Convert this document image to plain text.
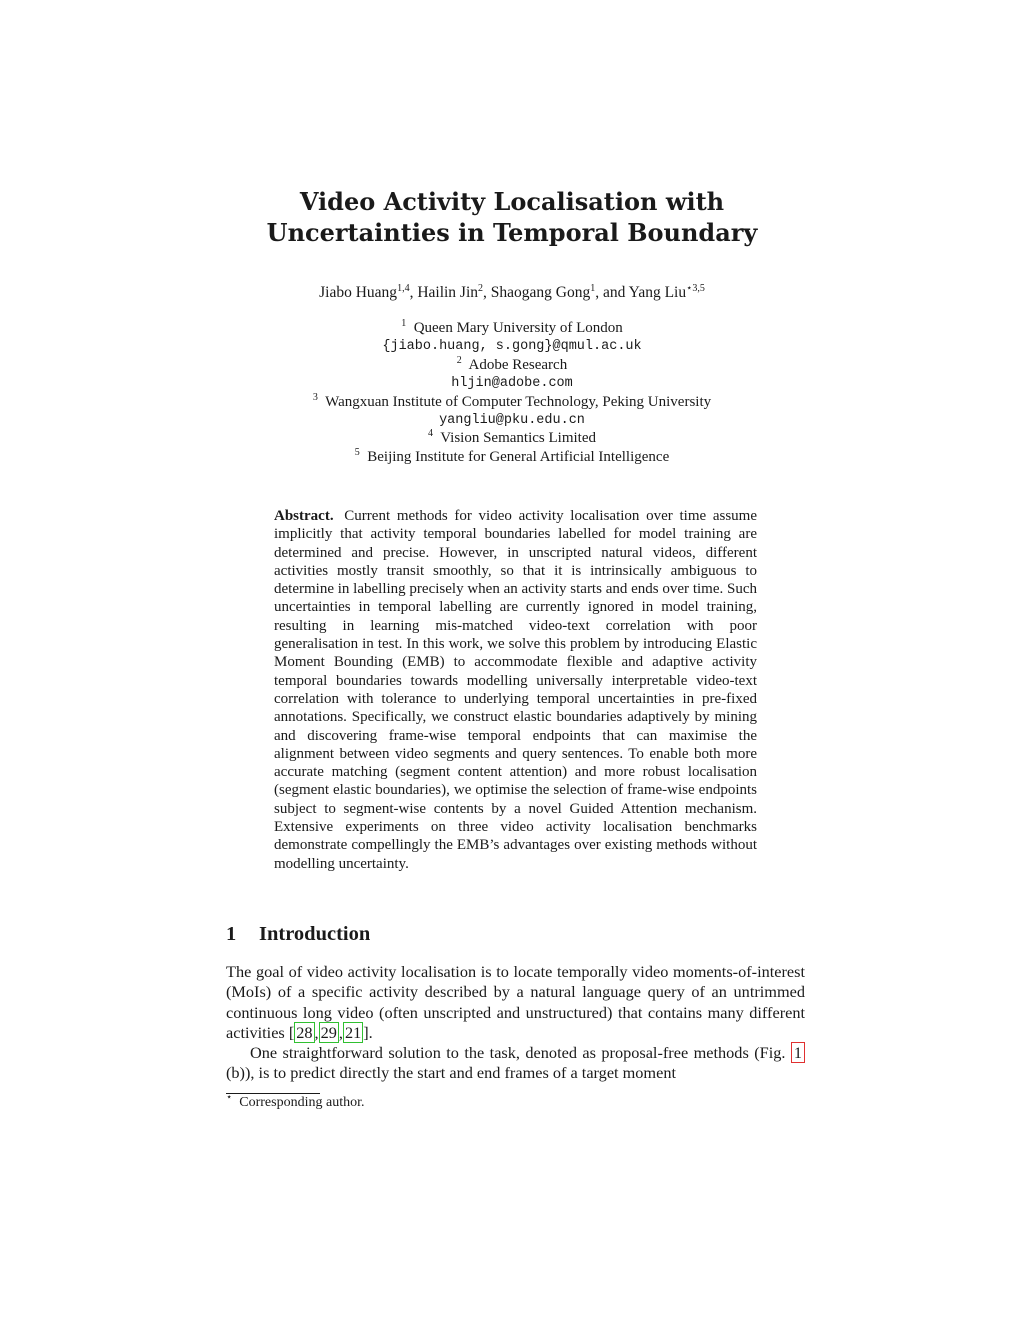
Video Activity Localisation with
Uncertainties in Temporal Boundary
Jiabo Huang$^{1,4}$, Hailin Jin$^2$, Shaogang Gong$^1$, and Yang Liu$^{⋆3,5}$
$^1$ Queen Mary University of London
{jiabo.huang, s.gong}@qmul.ac.uk
$^2$ Adobe Research
hljin@adobe.com
$^3$ Wangxuan Institute of Computer Technology, Peking University
yangliu@pku.edu.cn
$^4$ Vision Semantics Limited
$^5$ Beijing Institute for General Artificial Intelligence
Abstract. Current methods for video activity localisation over time assume implicitly that activity temporal boundaries labelled for model training are determined and precise. However, in unscripted natural videos, different activities mostly transit smoothly, so that it is intrinsically ambiguous to determine in labelling precisely when an activity starts and ends over time. Such uncertainties in temporal labelling are currently ignored in model training, resulting in learning mis-matched video-text correlation with poor generalisation in test. In this work, we solve this problem by introducing Elastic Moment Bounding (EMB) to accommodate flexible and adaptive activity temporal boundaries towards modelling universally interpretable video-text correlation with tolerance to underlying temporal uncertainties in pre-fixed annotations. Specifically, we construct elastic boundaries adaptively by mining and discovering frame-wise temporal endpoints that can maximise the alignment between video segments and query sentences. To enable both more accurate matching (segment content attention) and more robust localisation (segment elastic boundaries), we optimise the selection of frame-wise endpoints subject to segment-wise contents by a novel Guided Attention mechanism. Extensive experiments on three video activity localisation benchmarks demonstrate compellingly the EMB’s advantages over existing methods without modelling uncertainty.
1 Introduction

The goal of video activity localisation is to locate temporally video moments-of-interest (MoIs) of a specific activity described by a natural language query of an untrimmed continuous long video (often unscripted and unstructured) that contains many different activities [ 28 , 29 , 21 ].

One straightforward solution to the task, denoted as proposal-free methods (Fig. 1 (b)), is to predict directly the start and end frames of a target moment

⋆ Corresponding author.
